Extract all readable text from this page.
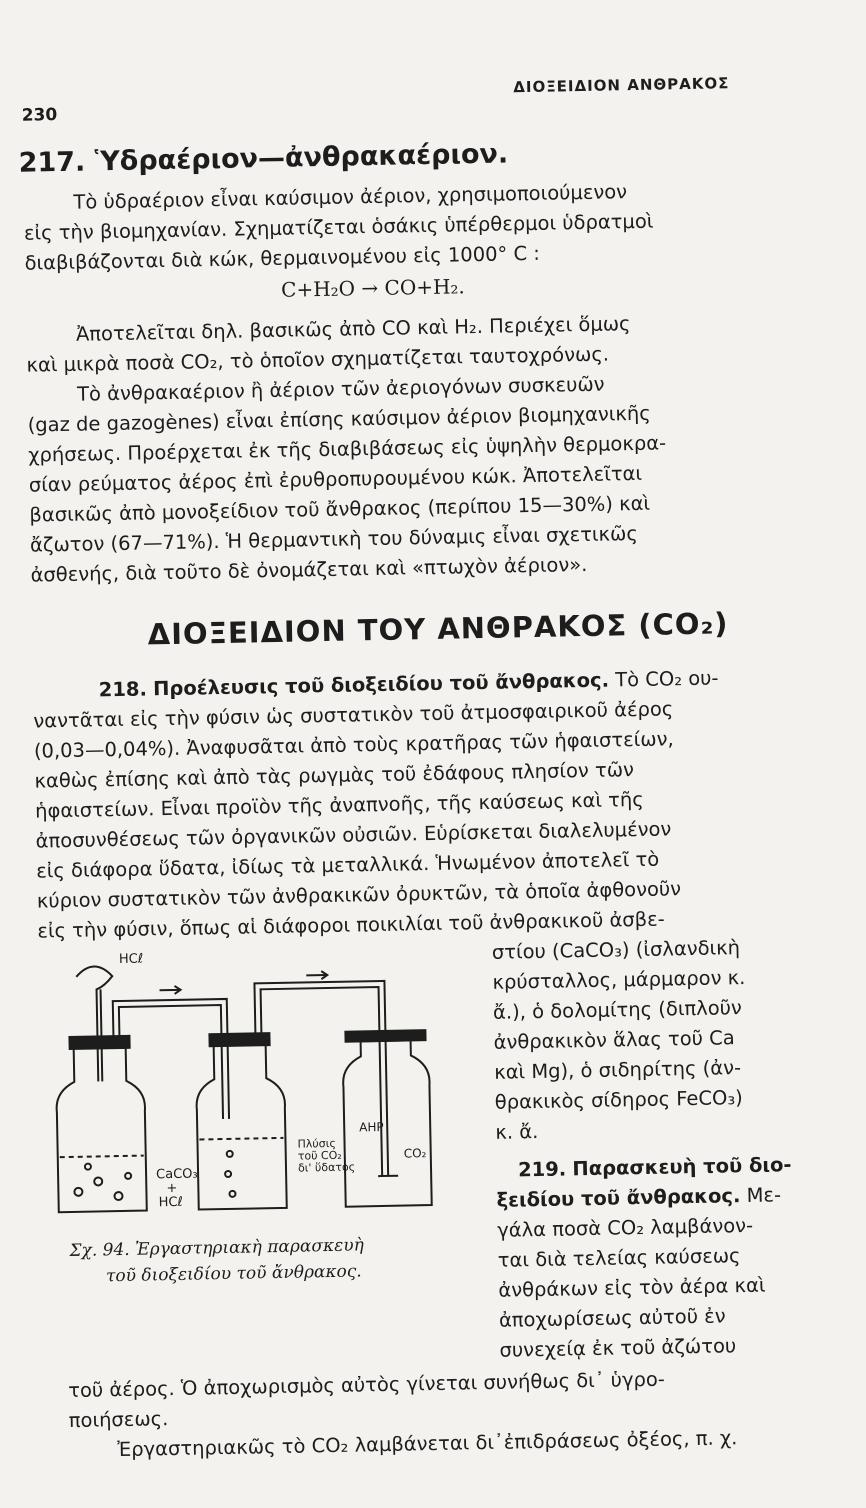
230
ΔΙΟΞΕΙΔΙΟΝ ΑΝΘΡΑΚΟΣ
217. Ὑδραέριον—ἀνθρακαέριον.
Τὸ ὑδραέριον εἶναι καύσιμον ἀέριον, χρησιμοποιούμενον
εἰς τὴν βιομηχανίαν. Σχηματίζεται ὁσάκις ὑπέρθερμοι ὑδρατμοὶ
διαβιβάζονται διὰ κώκ, θερμαινομένου εἰς 1000° C :
C+H₂O → CO+H₂.
Ἀποτελεῖται δηλ. βασικῶς ἀπὸ CO καὶ H₂. Περιέχει ὅμως
καὶ μικρὰ ποσὰ CO₂, τὸ ὁποῖον σχηματίζεται ταυτοχρόνως.
Τὸ ἀνθρακαέριον ἢ ἀέριον τῶν ἀεριογόνων συσκευῶν
(gaz de gazogènes) εἶναι ἐπίσης καύσιμον ἀέριον βιομηχανικῆς
χρήσεως. Προέρχεται ἐκ τῆς διαβιβάσεως εἰς ὑψηλὴν θερμοκρα-
σίαν ρεύματος ἀέρος ἐπὶ ἐρυθροπυρουμένου κώκ. Ἀποτελεῖται
βασικῶς ἀπὸ μονοξείδιον τοῦ ἄνθρακος (περίπου 15—30%) καὶ
ἄζωτον (67—71%). Ἡ θερμαντικὴ του δύναμις εἶναι σχετικῶς
ἀσθενής, διὰ τοῦτο δὲ ὀνομάζεται καὶ «πτωχὸν ἀέριον».
ΔΙΟΞΕΙΔΙΟΝ ΤΟΥ ΑΝΘΡΑΚΟΣ (CO₂)
218. Προέλευσις τοῦ διοξειδίου τοῦ ἄνθρακος. Τὸ CO₂ ου-
ναντᾶται εἰς τὴν φύσιν ὡς συστατικὸν τοῦ ἀτμοσφαιρικοῦ ἀέρος
(0,03—0,04%). Ἀναφυσᾶται ἀπὸ τοὺς κρατῆρας τῶν ἡφαιστείων,
καθὼς ἐπίσης καὶ ἀπὸ τὰς ρωγμὰς τοῦ ἐδάφους πλησίον τῶν
ἡφαιστείων. Εἶναι προϊὸν τῆς ἀναπνοῆς, τῆς καύσεως καὶ τῆς
ἀποσυνθέσεως τῶν ὀργανικῶν οὐσιῶν. Εὑρίσκεται διαλελυμένον
εἰς διάφορα ὕδατα, ἰδίως τὰ μεταλλικά. Ἡνωμένον ἀποτελεῖ τὸ
κύριον συστατικὸν τῶν ἀνθρακικῶν ὀρυκτῶν, τὰ ὁποῖα ἀφθονοῦν
εἰς τὴν φύσιν, ὅπως αἱ διάφοροι ποικιλίαι τοῦ ἀνθρακικοῦ ἀσβε-
στίου (CaCO₃) (ἰσλανδικὴ
κρύσταλλος, μάρμαρον κ.
ἄ.), ὁ δολομίτης (διπλοῦν
ἀνθρακικὸν ἅλας τοῦ Ca
καὶ Mg), ὁ σιδηρίτης (ἀν-
θρακικὸς σίδηρος FeCO₃)
κ. ἄ.
219. Παρασκευὴ τοῦ διο-
ξειδίου τοῦ ἄνθρακος. Με-
γάλα ποσὰ CO₂ λαμβάνον-
ται διὰ τελείας καύσεως
ἀνθράκων εἰς τὸν ἀέρα καὶ
ἀποχωρίσεως αὐτοῦ ἐν
συνεχείᾳ ἐκ τοῦ ἀζώτου
τοῦ ἀέρος. Ὁ ἀποχωρισμὸς αὐτὸς γίνεται συνήθως δι᾽ ὑγρο-
ποιήσεως.
Ἐργαστηριακῶς τὸ CO₂ λαμβάνεται δι᾽ἐπιδράσεως ὀξέος, π. χ.
HCℓ
CaCO₃
+
HCℓ
Πλύσις
τοῦ CO₂
δι' ὕδατος
ΑΗΡ
CO₂
Σχ. 94. Ἐργαστηριακὴ παρασκευὴ
τοῦ διοξειδίου τοῦ ἄνθρακος.
